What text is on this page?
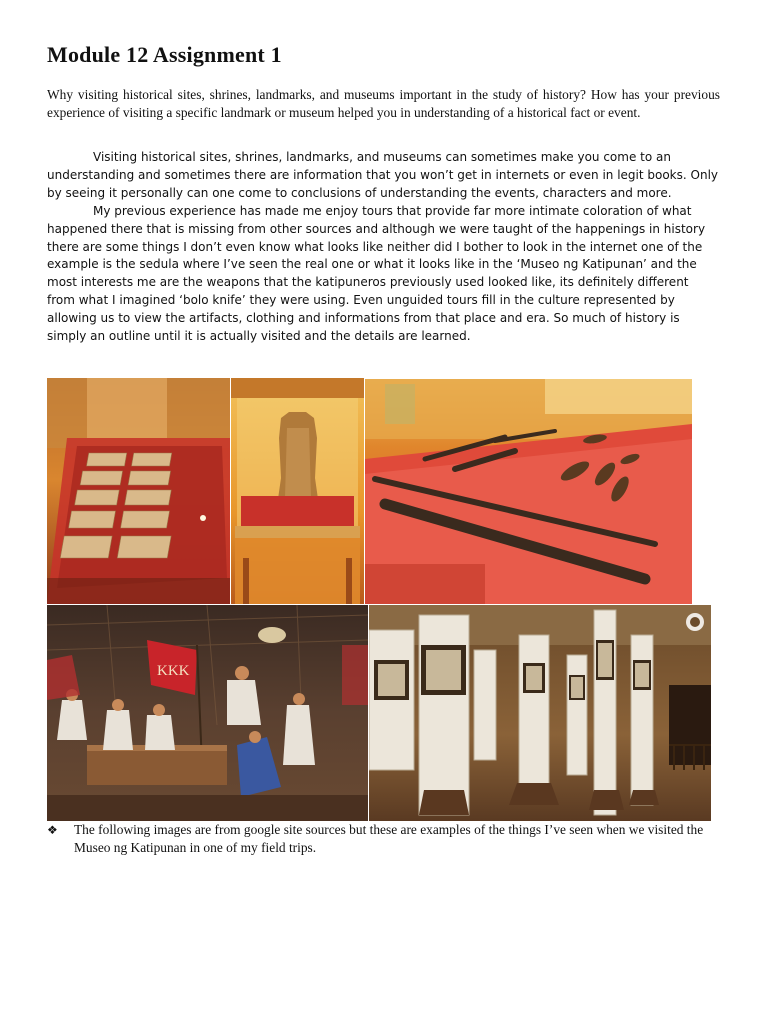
Module 12 Assignment 1

Why visiting historical sites, shrines, landmarks, and museums important in the study of history? How has your previous experience of visiting a specific landmark or museum helped you in understanding of a historical fact or event.

Visiting historical sites, shrines, landmarks, and museums can sometimes make you come to an understanding and sometimes there are information that you won’t get in internets or even in legit books. Only by seeing it personally can one come to conclusions of understanding the events, characters and more.

My previous experience has made me enjoy tours that provide far more intimate coloration of what happened there that is missing from other sources and although we were taught of the happenings in history there are some things I don’t even know what looks like neither did I bother to look in the internet one of the example is the sedula where I’ve seen the real one or what it looks like in the ‘Museo ng Katipunan’ and the most interests me are the weapons that the katipuneros previously used looked like, its definitely different from what I imagined ‘bolo knife’ they were using. Even unguided tours fill in the culture represented by allowing us to view the artifacts, clothing and informations from that place and era. So much of history is simply an outline until it is actually visited and the details are learned.

KKK
❖	The following images are from google site sources but these are examples of the things I’ve seen when we visited the Museo ng Katipunan in one of my field trips.
